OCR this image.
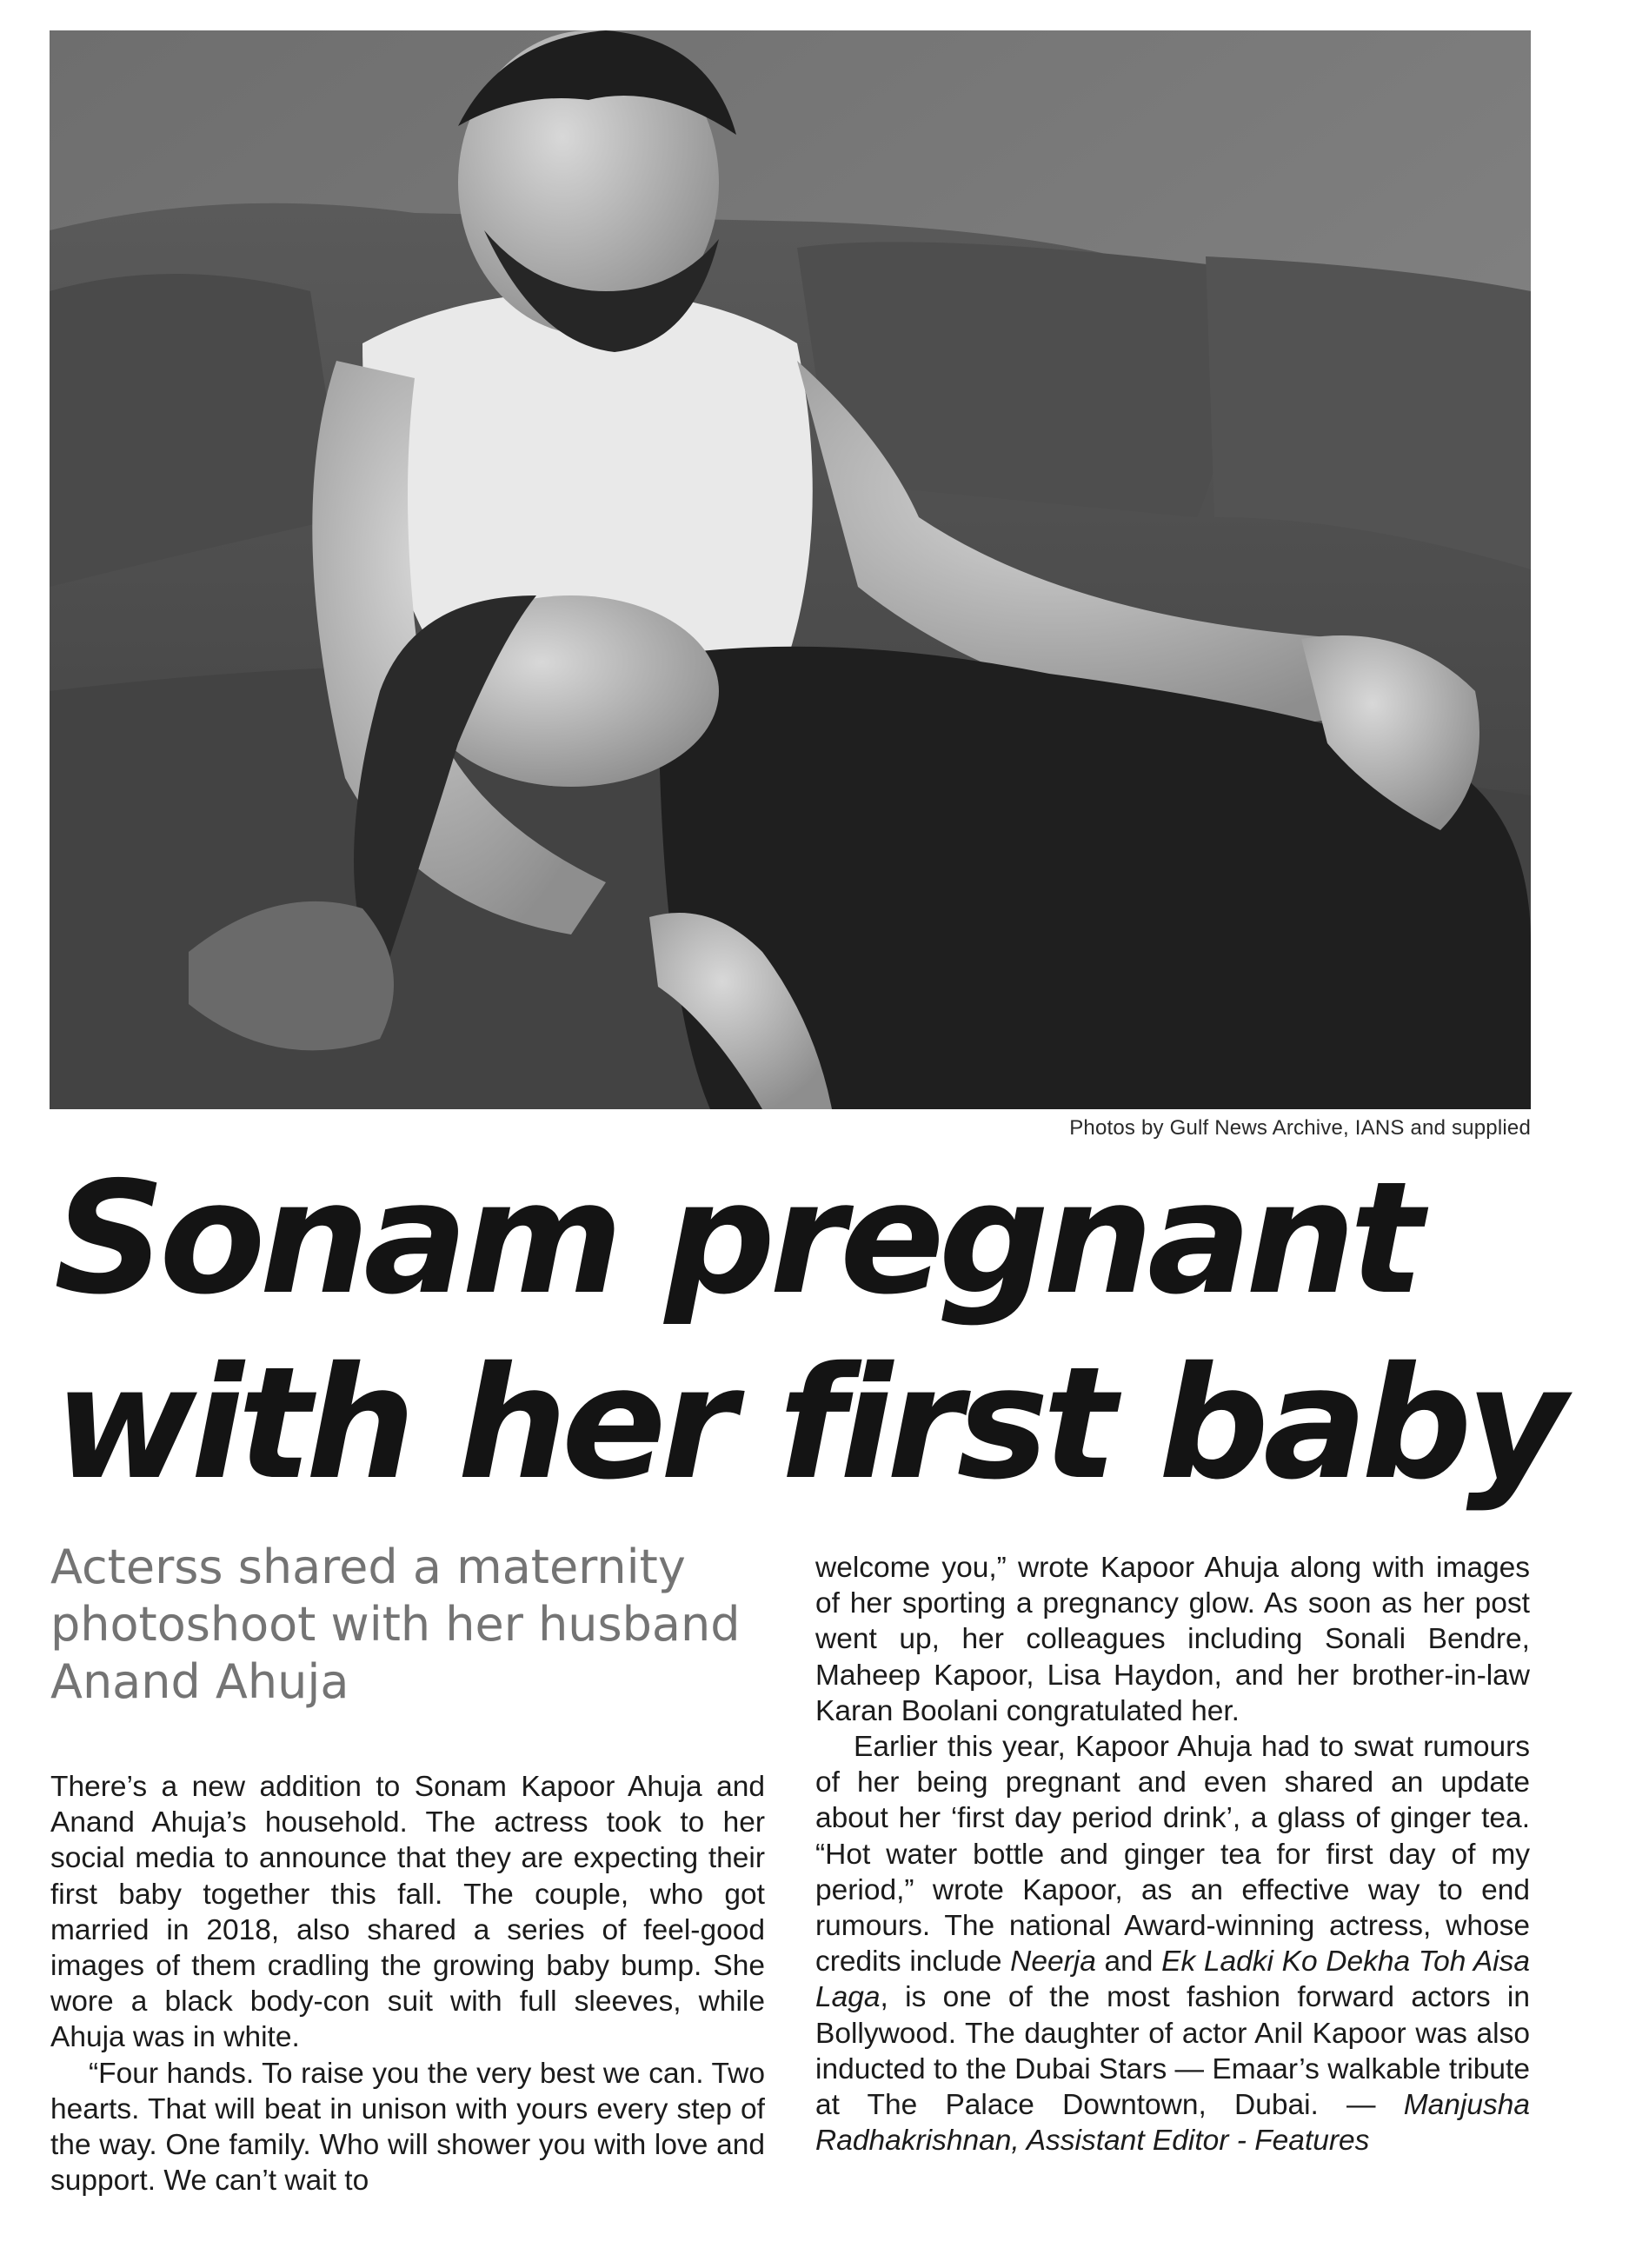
Photos by Gulf News Archive, IANS and supplied
Sonam pregnant
with her first baby
Acterss shared a maternity photoshoot with her husband Anand Ahuja

There’s a new addition to Sonam Kapoor Ahuja and Anand Ahuja’s household. The actress took to her social media to announce that they are expecting their first baby together this fall. The couple, who got married in 2018, also shared a series of feel-good images of them cradling the growing baby bump. She wore a black body-con suit with full sleeves, while Ahuja was in white.

“Four hands. To raise you the very best we can. Two hearts. That will beat in unison with yours every step of the way. One family. Who will shower you with love and support. We can’t wait to

welcome you,” wrote Kapoor Ahuja along with images of her sporting a pregnancy glow. As soon as her post went up, her colleagues including Sonali Bendre, Maheep Kapoor, Lisa Haydon, and her brother-in-law Karan Boolani congratulated her.

Earlier this year, Kapoor Ahuja had to swat rumours of her being pregnant and even shared an update about her ‘first day period drink’, a glass of ginger tea. “Hot water bottle and ginger tea for first day of my period,” wrote Kapoor, as an effective way to end rumours. The national Award-winning actress, whose credits include Neerja and Ek Ladki Ko Dekha Toh Aisa Laga, is one of the most fashion forward actors in Bollywood. The daughter of actor Anil Kapoor was also inducted to the Dubai Stars — Emaar’s walkable tribute at The Palace Downtown, Dubai. — Manjusha Radhakrishnan, Assistant Editor - Features
